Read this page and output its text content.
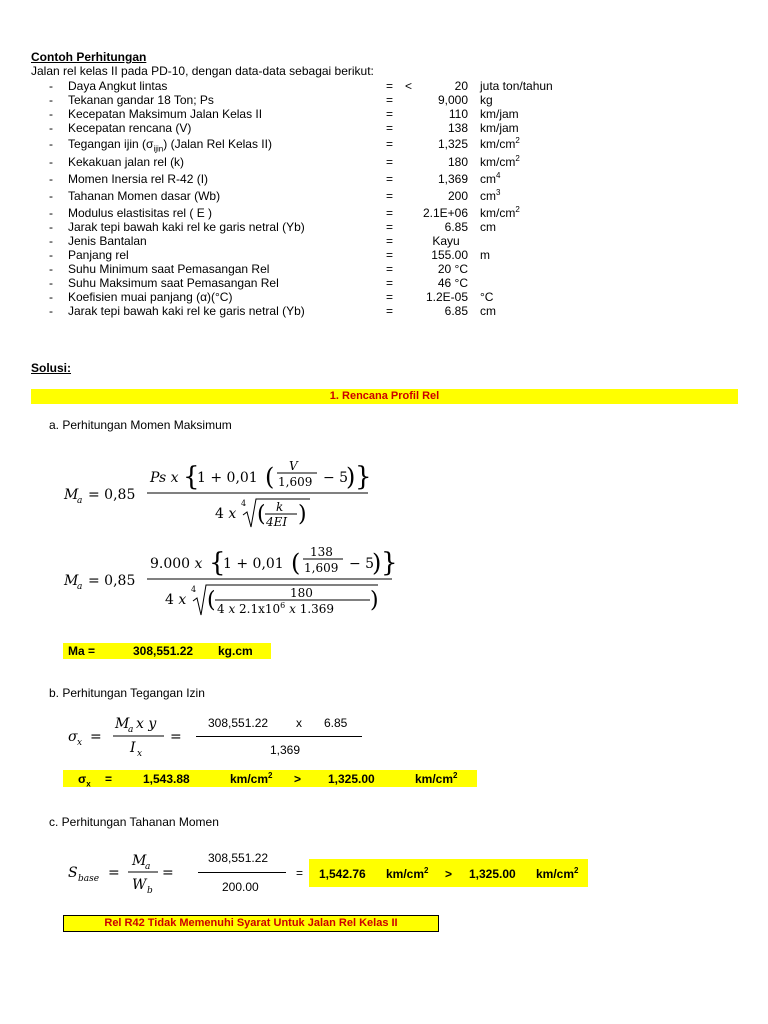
Contoh Perhitungan
Jalan rel kelas II pada PD-10, dengan data-data sebagai berikut:
- Daya Angkut lintas	= <	20 juta ton/tahun
- Tekanan gandar 18 Ton; Ps	=	9,000 kg
- Kecepatan Maksimum Jalan Kelas II	=	110 km/jam
- Kecepatan rencana (V)	=	138 km/jam
- Tegangan ijin $(\sigma_{ijin})$ (Jalan Rel Kelas II)	=	1,325 $km/cm^2$
- Kekakuan jalan rel (k)	=	180 $km/cm^2$
- Momen Inersia rel R-42 (I)	=	1,369 $cm^4$
- Tahanan Momen dasar (Wb)	=	200 $cm^3$
- Modulus elastisitas rel ( E )	= 2.1E+06 $km/cm^2$
- Jarak tepi bawah kaki rel ke garis netral (Yb)	=	6.85 cm
- Jenis Bantalan	=	Kayu
- Panjang rel	=	155.00 m
- Suhu Minimum saat Pemasangan Rel	=	20 °C
- Suhu Maksimum saat Pemasangan Rel	=	46 °C
- Koefisien muai panjang (α)(°C)	=	1.2E-05 °C
- Jarak tepi bawah kaki rel ke garis netral (Yb)	=	6.85 cm
Solusi:
1. Rencana Profil Rel
a. Perhitungan Momen Maksimum
M
a = 0,85
Ps x {
1 + 0,01 ( V
1,609 − 5
) }
4 x
4 ( k
4EI )
M
a = 0,85
9.000 x {
1 + 0,01 ( 138
1,609 − 5
) }
4 x
4 (	180
4 x $2.1x10^6$ x 1.369 )
Ma =	308,551.22 kg.cm
b. Perhitungan Tegangan Izin
σ x =
M
a x y
I x
=
308,551.22 x 6.85
1,369
$\sigma_x$ =	1,543.88	$km/cm^2 > 1,325.00$	$km/cm^2$
c. Perhitungan Tahanan Momen
S base =
M
a
W b
=
308,551.22
200.00
= 1,542.76 $km/cm^2 > 1,325.00$ $km/cm^2$
Rel R42 Tidak Memenuhi Syarat Untuk Jalan Rel Kelas II
